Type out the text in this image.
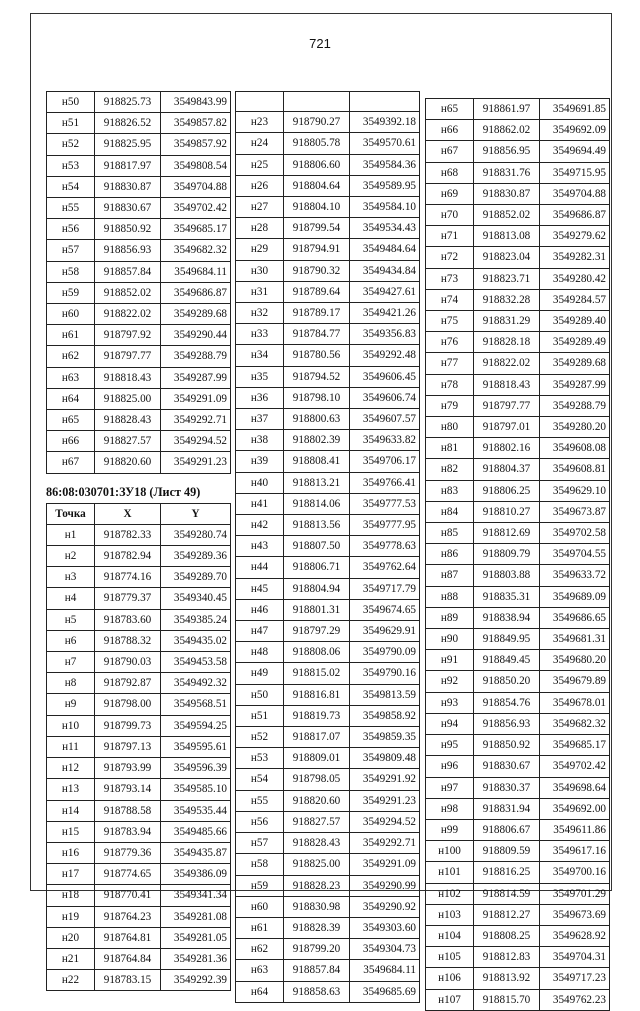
721
н50	918825.73	3549843.99
н51	918826.52	3549857.82
н52	918825.95	3549857.92
н53	918817.97	3549808.54
н54	918830.87	3549704.88
н55	918830.67	3549702.42
н56	918850.92	3549685.17
н57	918856.93	3549682.32
н58	918857.84	3549684.11
н59	918852.02	3549686.87
н60	918822.02	3549289.68
н61	918797.92	3549290.44
н62	918797.77	3549288.79
н63	918818.43	3549287.99
н64	918825.00	3549291.09
н65	918828.43	3549292.71
н66	918827.57	3549294.52
н67	918820.60	3549291.23
86:08:030701:ЗУ18 (Лист 49)
Точка	X	Y
н1	918782.33	3549280.74
н2	918782.94	3549289.36
н3	918774.16	3549289.70
н4	918779.37	3549340.45
н5	918783.60	3549385.24
н6	918788.32	3549435.02
н7	918790.03	3549453.58
н8	918792.87	3549492.32
н9	918798.00	3549568.51
н10	918799.73	3549594.25
н11	918797.13	3549595.61
н12	918793.99	3549596.39
н13	918793.14	3549585.10
н14	918788.58	3549535.44
н15	918783.94	3549485.66
н16	918779.36	3549435.87
н17	918774.65	3549386.09
н18	918770.41	3549341.34
н19	918764.23	3549281.08
н20	918764.81	3549281.05
н21	918764.84	3549281.36
н22	918783.15	3549292.39

н23	918790.27	3549392.18
н24	918805.78	3549570.61
н25	918806.60	3549584.36
н26	918804.64	3549589.95
н27	918804.10	3549584.10
н28	918799.54	3549534.43
н29	918794.91	3549484.64
н30	918790.32	3549434.84
н31	918789.64	3549427.61
н32	918789.17	3549421.26
н33	918784.77	3549356.83
н34	918780.56	3549292.48
н35	918794.52	3549606.45
н36	918798.10	3549606.74
н37	918800.63	3549607.57
н38	918802.39	3549633.82
н39	918808.41	3549706.17
н40	918813.21	3549766.41
н41	918814.06	3549777.53
н42	918813.56	3549777.95
н43	918807.50	3549778.63
н44	918806.71	3549762.64
н45	918804.94	3549717.79
н46	918801.31	3549674.65
н47	918797.29	3549629.91
н48	918808.06	3549790.09
н49	918815.02	3549790.16
н50	918816.81	3549813.59
н51	918819.73	3549858.92
н52	918817.07	3549859.35
н53	918809.01	3549809.48
н54	918798.05	3549291.92
н55	918820.60	3549291.23
н56	918827.57	3549294.52
н57	918828.43	3549292.71
н58	918825.00	3549291.09
н59	918828.23	3549290.99
н60	918830.98	3549290.92
н61	918828.39	3549303.60
н62	918799.20	3549304.73
н63	918857.84	3549684.11
н64	918858.63	3549685.69
н65	918861.97	3549691.85
н66	918862.02	3549692.09
н67	918856.95	3549694.49
н68	918831.76	3549715.95
н69	918830.87	3549704.88
н70	918852.02	3549686.87
н71	918813.08	3549279.62
н72	918823.04	3549282.31
н73	918823.71	3549280.42
н74	918832.28	3549284.57
н75	918831.29	3549289.40
н76	918828.18	3549289.49
н77	918822.02	3549289.68
н78	918818.43	3549287.99
н79	918797.77	3549288.79
н80	918797.01	3549280.20
н81	918802.16	3549608.08
н82	918804.37	3549608.81
н83	918806.25	3549629.10
н84	918810.27	3549673.87
н85	918812.69	3549702.58
н86	918809.79	3549704.55
н87	918803.88	3549633.72
н88	918835.31	3549689.09
н89	918838.94	3549686.65
н90	918849.95	3549681.31
н91	918849.45	3549680.20
н92	918850.20	3549679.89
н93	918854.76	3549678.01
н94	918856.93	3549682.32
н95	918850.92	3549685.17
н96	918830.67	3549702.42
н97	918830.37	3549698.64
н98	918831.94	3549692.00
н99	918806.67	3549611.86
н100	918809.59	3549617.16
н101	918816.25	3549700.16
н102	918814.59	3549701.29
н103	918812.27	3549673.69
н104	918808.25	3549628.92
н105	918812.83	3549704.31
н106	918813.92	3549717.23
н107	918815.70	3549762.23
